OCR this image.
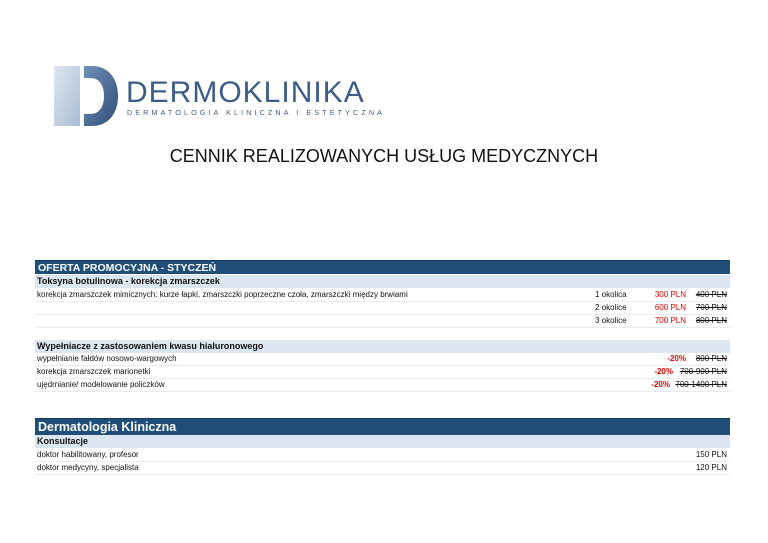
DERMOKLINIKA
DERMATOLOGIA KLINICZNA I ESTETYCZNA
CENNIK REALIZOWANYCH USŁUG MEDYCZNYCH
OFERTA PROMOCYJNA - STYCZEŃ
Toksyna botulinowa - korekcja zmarszczek
korekcja zmarszczek mimicznych: kurze łapki, zmarszczki poprzeczne czoła, zmarszczki między brwiami	1 okolica	300 PLN 400 PLN
2 okolice	600 PLN 700 PLN
3 okolice	700 PLN 800 PLN
Wypełniacze z zastosowaniem kwasu hialuronowego
wypełnianie fałdów nosowo-wargowych	-20% 800 PLN
korekcja zmarszczek marionetki	-20% 700-900 PLN
ujędrnianie/ modelowanie policzków	-20% 700-1400 PLN
Dermatologia Kliniczna
Konsultacje
doktor habilitowany, profesor	150 PLN
doktor medycyny, specjalista	120 PLN
